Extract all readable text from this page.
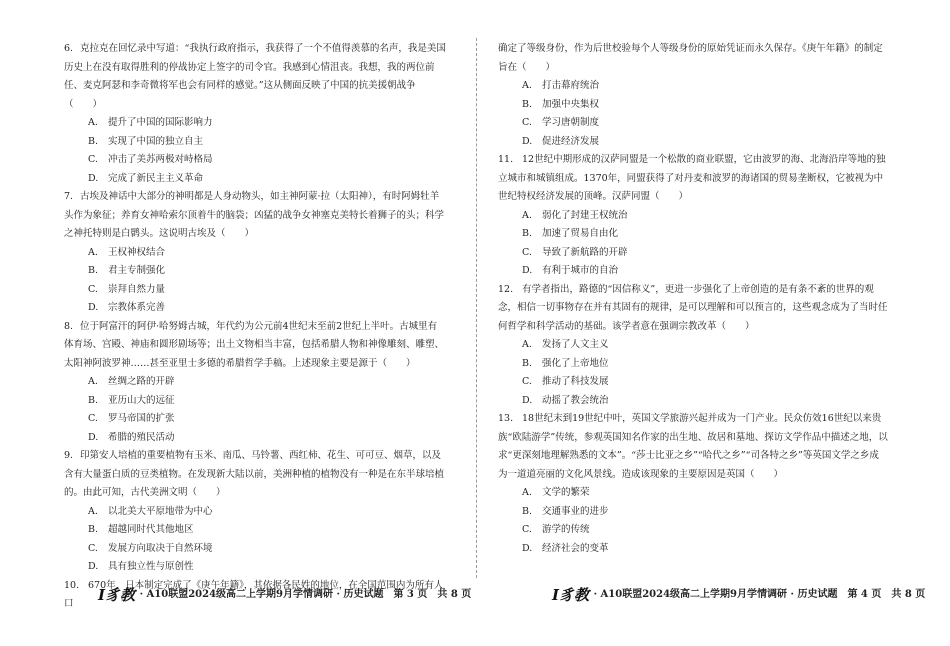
6. 克拉克在回忆录中写道：“我执行政府指示，我获得了一个不值得羡慕的名声，我是美国历史上在没有取得胜利的停战协定上签字的司令官。我感到心情沮丧。我想，我的两位前任、麦克阿瑟和李奇微将军也会有同样的感觉。”这从侧面反映了中国的抗美援朝战争（　　）

A. 提升了中国的国际影响力

B. 实现了中国的独立自主

C. 冲击了美苏两极对峙格局

D. 完成了新民主主义革命

7. 古埃及神话中大部分的神明都是人身动物头，如主神阿蒙·拉（太阳神），有时阿姆牡羊头作为象征；养育女神哈索尔顶着牛的脑袋；凶猛的战争女神塞克美特长着狮子的头；科学之神托特则是白鹮头。这说明古埃及（　　）

A. 王权神权结合

B. 君主专制强化

C. 崇拜自然力量

D. 宗教体系完善

8. 位于阿富汗的阿伊·哈努姆古城，年代约为公元前4世纪末至前2世纪上半叶。古城里有体育场、宫殿、神庙和圆形剧场等；出土文物相当丰富，包括希腊人物和神像雕刻、雕塑、太阳神阿波罗神……甚至亚里士多德的希腊哲学手稿。上述现象主要是源于（　　）

A. 丝绸之路的开辟

B. 亚历山大的远征

C. 罗马帝国的扩张

D. 希腊的殖民活动

9. 印第安人培植的重要植物有玉米、南瓜、马铃薯、西红柿、花生、可可豆、烟草，以及含有大量蛋白质的豆类植物。在发现新大陆以前，美洲种植的植物没有一种是在东半球培植的。由此可知，古代美洲文明（　　）

A. 以北美大平原地带为中心

B. 超越同时代其他地区

C. 发展方向取决于自然环境

D. 具有独立性与原创性

10. 670年，日本制定完成了《庚午年籍》，其依据各民姓的地位，在全国范围内为所有人口	I豸教 · A10联盟2024级高二上学期9月学情调研 · 历史试题　第 3 页　共 8 页

确定了等级身份，作为后世校验每个人等级身份的原始凭证而永久保存。《庚午年籍》的制定旨在（　　）

A. 打击幕府统治

B. 加强中央集权

C. 学习唐朝制度

D. 促进经济发展

11. 12世纪中期形成的汉萨同盟是一个松散的商业联盟，它由波罗的海、北海沿岸等地的独立城市和城镇组成。1370年，同盟获得了对丹麦和波罗的海诸国的贸易垄断权，它被视为中世纪特权经济发展的顶峰。汉萨同盟（　　）

A. 弱化了封建王权统治

B. 加速了贸易自由化

C. 导致了新航路的开辟

D. 有利于城市的自治

12. 有学者指出，路德的“因信称义”，更进一步强化了上帝创造的是有条不紊的世界的观念，相信一切事物存在并有其固有的规律，是可以理解和可以预言的，这些观念成为了当时任何哲学和科学活动的基础。该学者意在强调宗教改革（　　）

A. 发扬了人文主义

B. 强化了上帝地位

C. 推动了科技发展

D. 动摇了教会统治

13. 18世纪末到19世纪中叶，英国文学旅游兴起并成为一门产业。民众仿效16世纪以来贵族“欧陆游学”传统，参观英国知名作家的出生地、故居和墓地、探访文学作品中描述之地，以求“更深刻地理解熟悉的文本”。“莎士比亚之乡”“哈代之乡”“司各特之乡”等英国文学之乡成为一道道亮丽的文化风景线。造成该现象的主要原因是英国（　　）

A. 文学的繁荣

B. 交通事业的进步

C. 游学的传统

D. 经济社会的变革

I豸教 · A10联盟2024级高二上学期9月学情调研 · 历史试题　第 4 页　共 8 页
